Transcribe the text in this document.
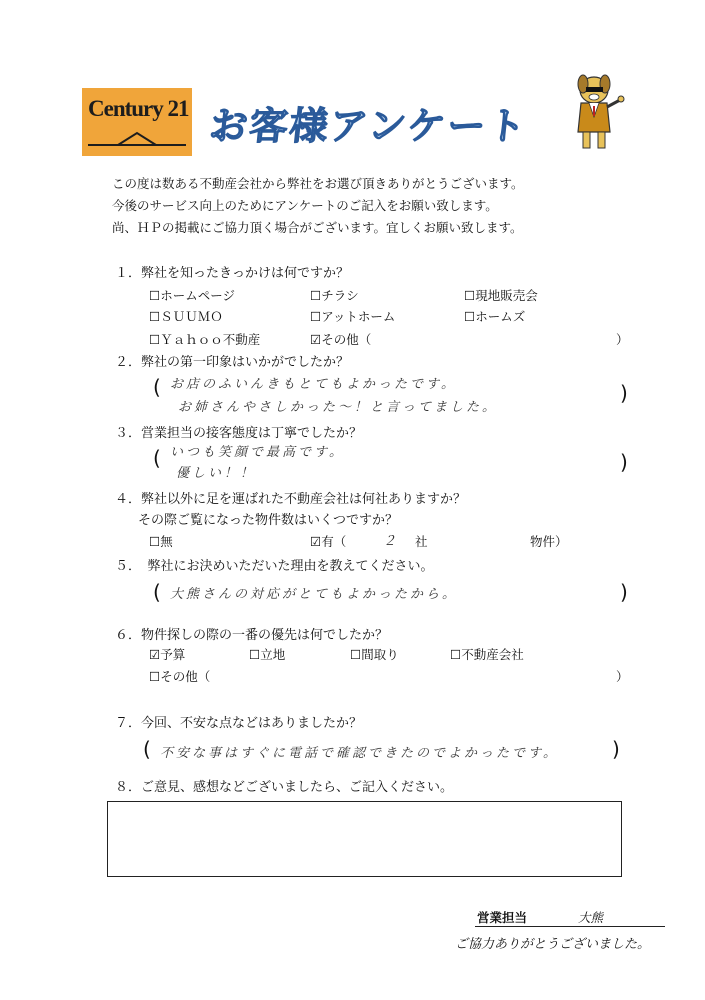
Century 21 お客様アンケート
この度は数ある不動産会社から弊社をお選び頂きありがとうございます。
今後のサービス向上のためにアンケートのご記入をお願い致します。
尚、ＨＰの掲載にご協力頂く場合がございます。宜しくお願い致します。
１．弊社を知ったきっかけは何ですか？
☐ホームページ	☐チラシ	☐現地販売会
☐ＳＵＵＭＯ	☐アットホーム	☐ホームズ
☐Ｙａｈｏｏ不動産	☑その他（	）
２．弊社の第一印象はいかがでしたか？
( お店のふいんきもとてもよかったです。
お姉さんやさしかった～！と言ってました。
)
３．営業担当の接客態度は丁寧でしたか？
( いつも笑顔で最高です。
優しい！！	)
４．弊社以外に足を運ばれた不動産会社は何社ありますか？
その際ご覧になった物件数はいくつですか？
☐無	☑有（	２ 社	物件）
５．　弊社にお決めいただいた理由を教えてください。
( 大熊さんの対応がとてもよかったから。	)
６．物件探しの際の一番の優先は何でしたか？
☑予算	☐立地	☐間取り	☐不動産会社
☐その他（	）
７．今回、不安な点などはありましたか？
( 不安な事はすぐに電話で確認できたのでよかったです。	)
８．ご意見、感想などございましたら、ご記入ください。
営業担当	大熊
ご協力ありがとうございました。
